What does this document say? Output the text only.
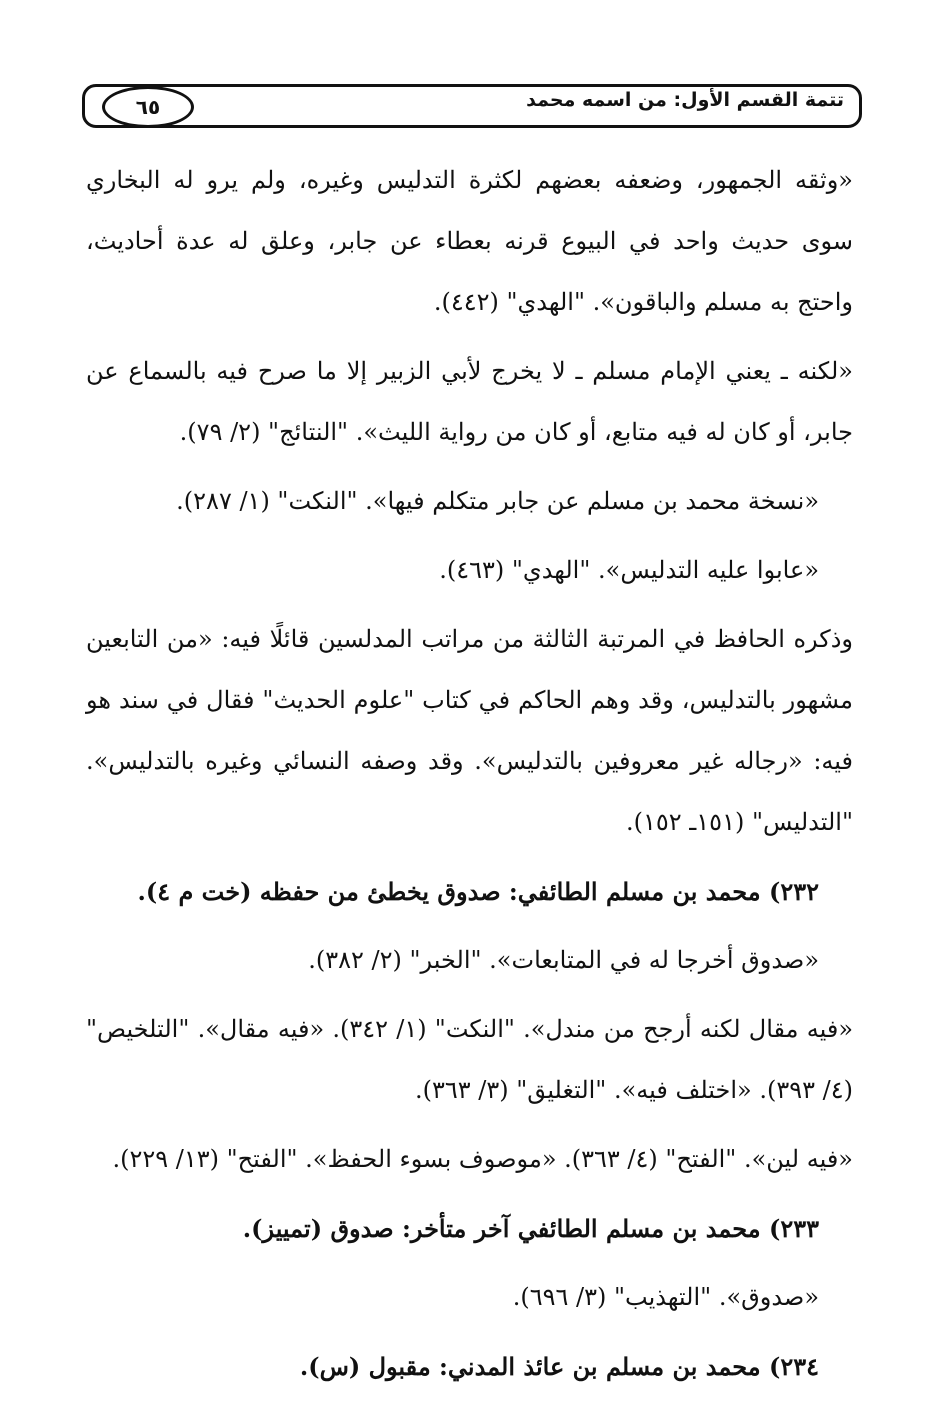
تتمة القسم الأول: من اسمه محمد
٦٥

«وثقه الجمهور، وضعفه بعضهم لكثرة التدليس وغيره، ولم يرو له البخاري سوى حديث واحد في البيوع قرنه بعطاء عن جابر، وعلق له عدة أحاديث، واحتج به مسلم والباقون». "الهدي" (٤٤٢).

«لكنه ـ يعني الإمام مسلم ـ لا يخرج لأبي الزبير إلا ما صرح فيه بالسماع عن جابر، أو كان له فيه متابع، أو كان من رواية الليث». "النتائج" (٢/ ٧٩).

«نسخة محمد بن مسلم عن جابر متكلم فيها». "النكت" (١/ ٢٨٧).

«عابوا عليه التدليس». "الهدي" (٤٦٣).

وذكره الحافظ في المرتبة الثالثة من مراتب المدلسين قائلًا فيه: «من التابعين مشهور بالتدليس، وقد وهم الحاكم في كتاب "علوم الحديث" فقال في سند هو فيه: «رجاله غير معروفين بالتدليس». وقد وصفه النسائي وغيره بالتدليس». "التدليس" (١٥١ـ ١٥٢).

٢٣٢) محمد بن مسلم الطائفي: صدوق يخطئ من حفظه (خت م ٤).

«صدوق أخرجا له في المتابعات». "الخبر" (٢/ ٣٨٢).

«فيه مقال لكنه أرجح من مندل». "النكت" (١/ ٣٤٢). «فيه مقال». "التلخيص" (٤/ ٣٩٣). «اختلف فيه». "التغليق" (٣/ ٣٦٣).

«فيه لين». "الفتح" (٤/ ٣٦٣). «موصوف بسوء الحفظ». "الفتح" (١٣/ ٢٢٩).

٢٣٣) محمد بن مسلم الطائفي آخر متأخر: صدوق (تمييز).

«صدوق». "التهذيب" (٣/ ٦٩٦).

٢٣٤) محمد بن مسلم بن عائذ المدني: مقبول (س).
